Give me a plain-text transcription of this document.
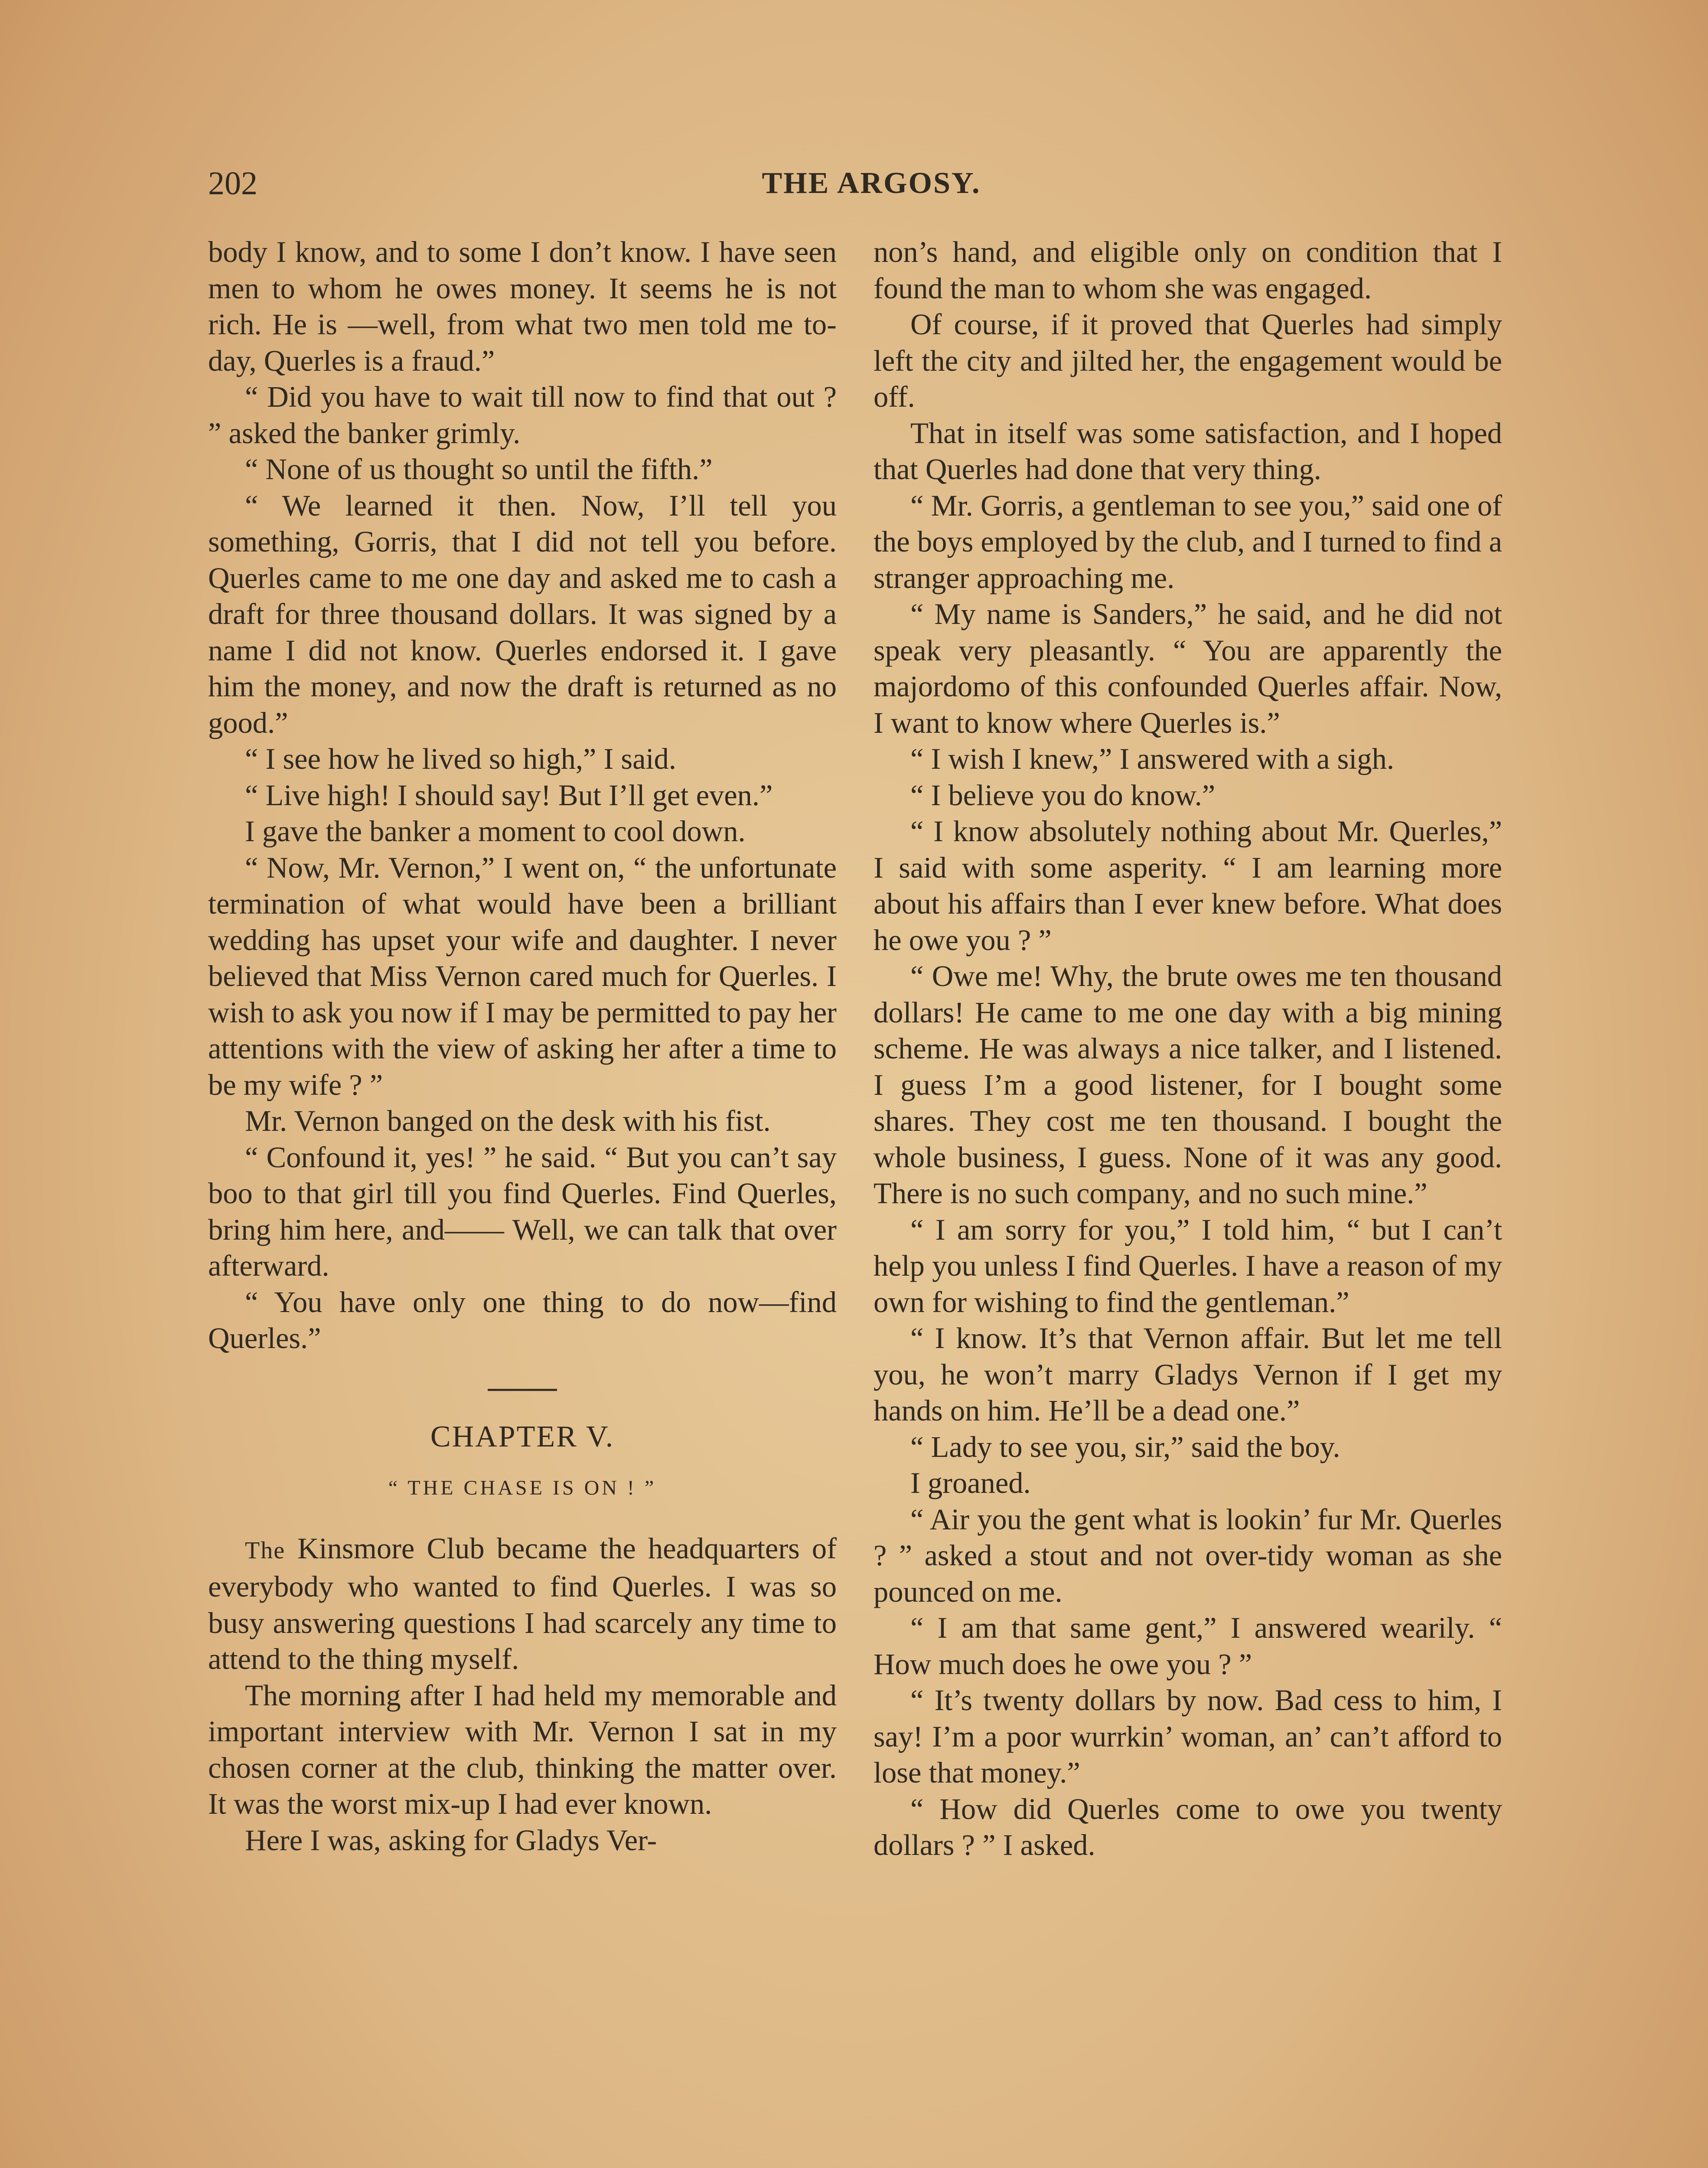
202	THE ARGOSY.

body I know, and to some I don’t know. I have seen men to whom he owes money. It seems he is not rich. He is —well, from what two men told me to-day, Querles is a fraud.”

“ Did you have to wait till now to find that out ? ” asked the banker grimly.

“ None of us thought so until the fifth.”

“ We learned it then. Now, I’ll tell you something, Gorris, that I did not tell you before. Querles came to me one day and asked me to cash a draft for three thousand dollars. It was signed by a name I did not know. Querles endorsed it. I gave him the money, and now the draft is returned as no good.”

“ I see how he lived so high,” I said.

“ Live high! I should say! But I’ll get even.”

I gave the banker a moment to cool down.

“ Now, Mr. Vernon,” I went on, “ the unfortunate termination of what would have been a brilliant wedding has upset your wife and daughter. I never believed that Miss Vernon cared much for Querles. I wish to ask you now if I may be permitted to pay her attentions with the view of asking her after a time to be my wife ? ”

Mr. Vernon banged on the desk with his fist.

“ Confound it, yes! ” he said. “ But you can’t say boo to that girl till you find Querles. Find Querles, bring him here, and—— Well, we can talk that over afterward.

“ You have only one thing to do now—find Querles.”

CHAPTER V.
“ THE CHASE IS ON ! ”

The Kinsmore Club became the headquarters of everybody who wanted to find Querles. I was so busy answering questions I had scarcely any time to attend to the thing myself.

The morning after I had held my memorable and important interview with Mr. Vernon I sat in my chosen corner at the club, thinking the matter over. It was the worst mix-up I had ever known.

Here I was, asking for Gladys Ver-

non’s hand, and eligible only on condition that I found the man to whom she was engaged.

Of course, if it proved that Querles had simply left the city and jilted her, the engagement would be off.

That in itself was some satisfaction, and I hoped that Querles had done that very thing.

“ Mr. Gorris, a gentleman to see you,” said one of the boys employed by the club, and I turned to find a stranger approaching me.

“ My name is Sanders,” he said, and he did not speak very pleasantly. “ You are apparently the majordomo of this confounded Querles affair. Now, I want to know where Querles is.”

“ I wish I knew,” I answered with a sigh.

“ I believe you do know.”

“ I know absolutely nothing about Mr. Querles,” I said with some asperity. “ I am learning more about his affairs than I ever knew before. What does he owe you ? ”

“ Owe me! Why, the brute owes me ten thousand dollars! He came to me one day with a big mining scheme. He was always a nice talker, and I listened. I guess I’m a good listener, for I bought some shares. They cost me ten thousand. I bought the whole business, I guess. None of it was any good. There is no such company, and no such mine.”

“ I am sorry for you,” I told him, “ but I can’t help you unless I find Querles. I have a reason of my own for wishing to find the gentleman.”

“ I know. It’s that Vernon affair. But let me tell you, he won’t marry Gladys Vernon if I get my hands on him. He’ll be a dead one.”

“ Lady to see you, sir,” said the boy.

I groaned.

“ Air you the gent what is lookin’ fur Mr. Querles ? ” asked a stout and not over-tidy woman as she pounced on me.

“ I am that same gent,” I answered wearily. “ How much does he owe you ? ”

“ It’s twenty dollars by now. Bad cess to him, I say! I’m a poor wurrkin’ woman, an’ can’t afford to lose that money.”

“ How did Querles come to owe you twenty dollars ? ” I asked.
